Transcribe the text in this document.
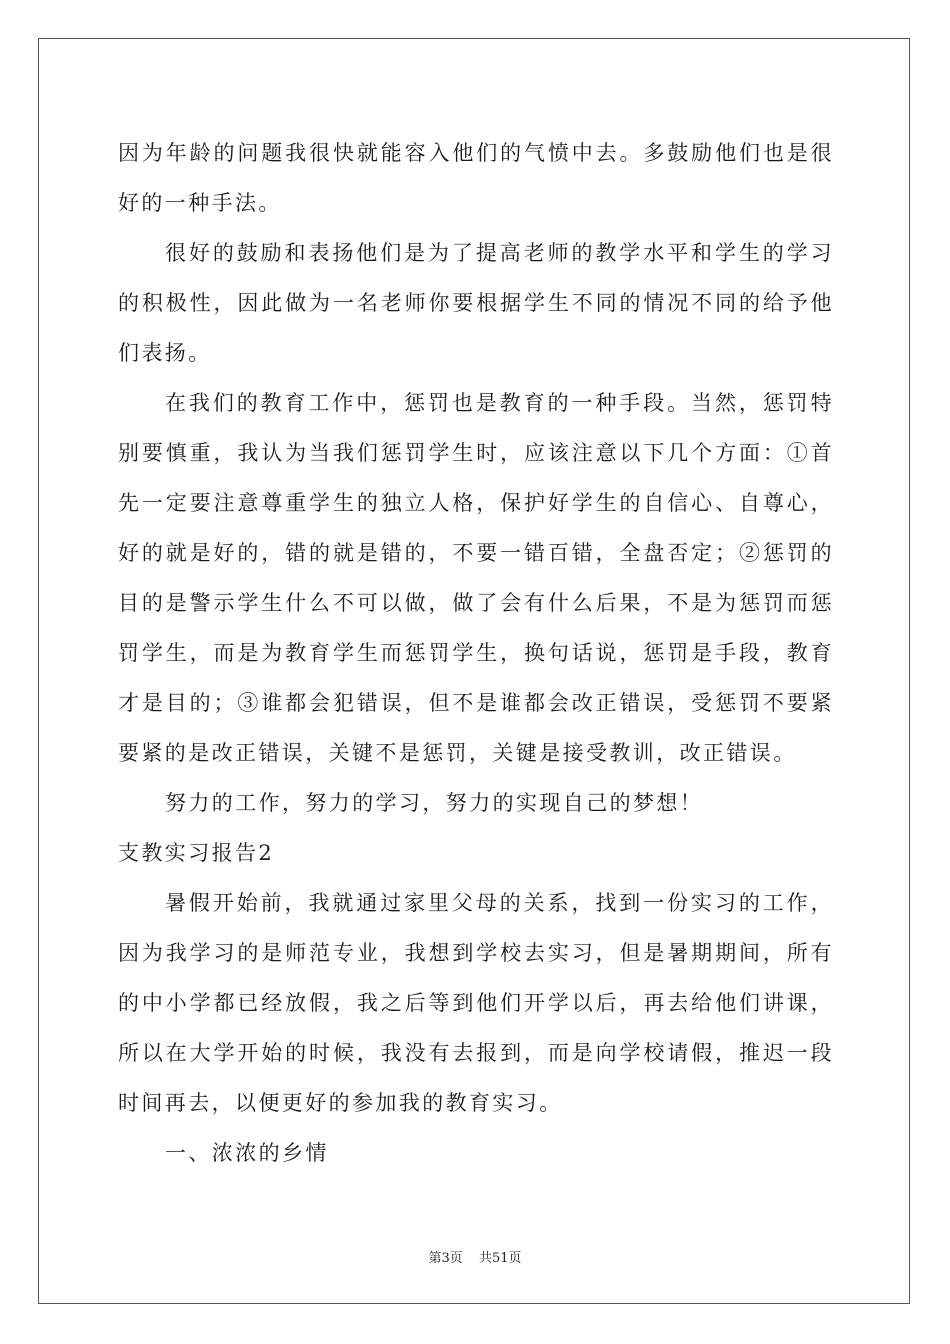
因为年龄的问题我很快就能容入他们的气愤中去。多鼓励他们也是很好的一种手法。

很好的鼓励和表扬他们是为了提高老师的教学水平和学生的学习的积极性，因此做为一名老师你要根据学生不同的情况不同的给予他们表扬。

在我们的教育工作中，惩罚也是教育的一种手段。当然，惩罚特别要慎重，我认为当我们惩罚学生时，应该注意以下几个方面：①首先一定要注意尊重学生的独立人格，保护好学生的自信心、自尊心，好的就是好的，错的就是错的，不要一错百错，全盘否定；②惩罚的目的是警示学生什么不可以做，做了会有什么后果，不是为惩罚而惩罚学生，而是为教育学生而惩罚学生，换句话说，惩罚是手段，教育才是目的；③谁都会犯错误，但不是谁都会改正错误，受惩罚不要紧要紧的是改正错误，关键不是惩罚，关键是接受教训，改正错误。

努力的工作，努力的学习，努力的实现自己的梦想！

支教实习报告2

暑假开始前，我就通过家里父母的关系，找到一份实习的工作，因为我学习的是师范专业，我想到学校去实习，但是暑期期间，所有的中小学都已经放假，我之后等到他们开学以后，再去给他们讲课，所以在大学开始的时候，我没有去报到，而是向学校请假，推迟一段时间再去，以便更好的参加我的教育实习。

一、浓浓的乡情

第3页 共51页
